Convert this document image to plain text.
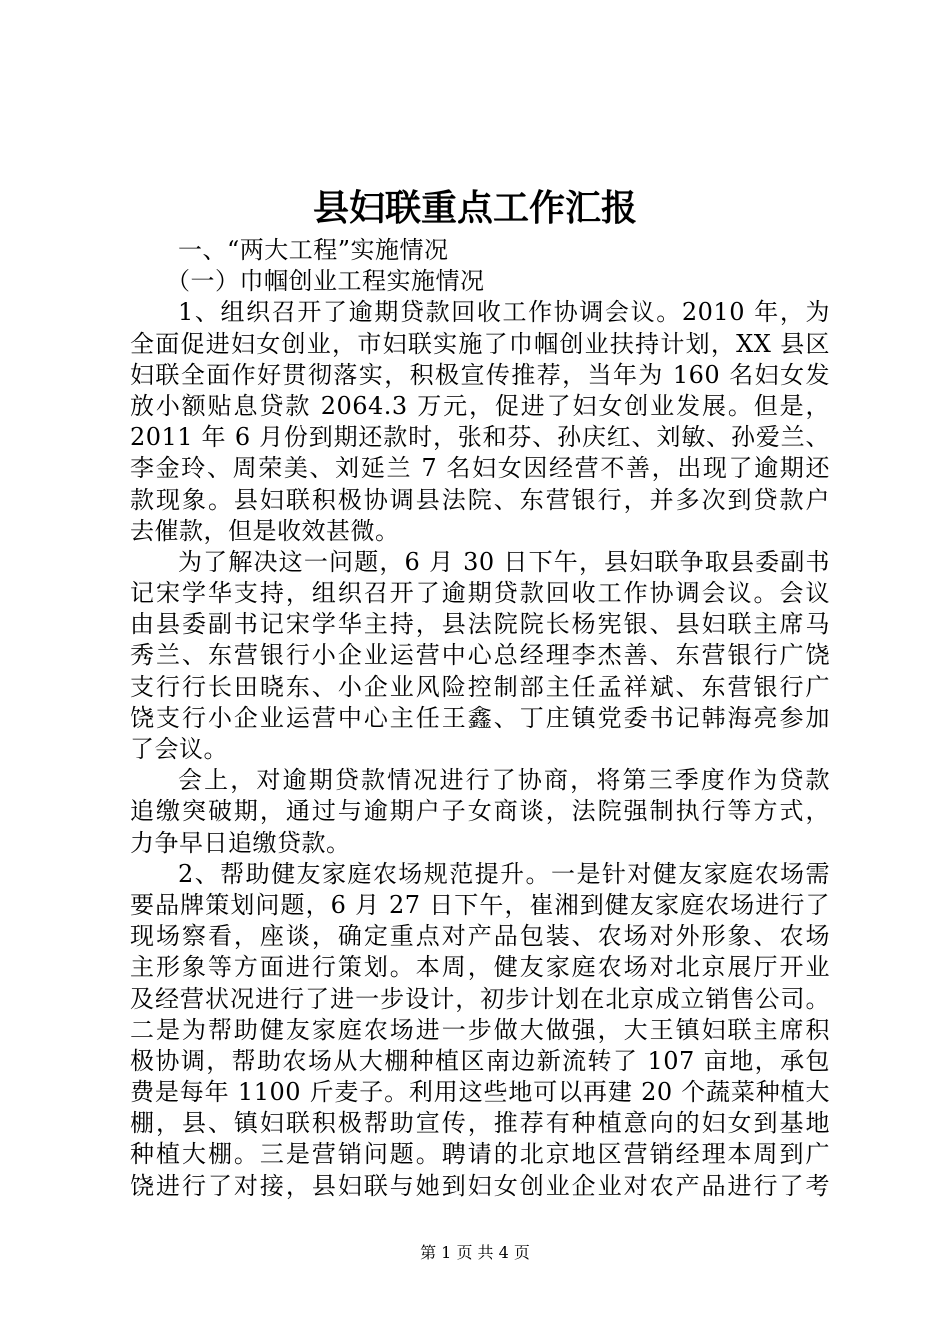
县妇联重点工作汇报
一、“两大工程”实施情况
（一）巾帼创业工程实施情况
1、组织召开了逾期贷款回收工作协调会议。2010 年，为
全面促进妇女创业，市妇联实施了巾帼创业扶持计划，XX 县区
妇联全面作好贯彻落实，积极宣传推荐，当年为 160 名妇女发
放小额贴息贷款 2064.3 万元，促进了妇女创业发展。但是，
2011 年 6 月份到期还款时，张和芬、孙庆红、刘敏、孙爱兰、
李金玲、周荣美、刘延兰 7 名妇女因经营不善，出现了逾期还
款现象。县妇联积极协调县法院、东营银行，并多次到贷款户
去催款，但是收效甚微。
为了解决这一问题，6 月 30 日下午，县妇联争取县委副书
记宋学华支持，组织召开了逾期贷款回收工作协调会议。会议
由县委副书记宋学华主持，县法院院长杨宪银、县妇联主席马
秀兰、东营银行小企业运营中心总经理李杰善、东营银行广饶
支行行长田晓东、小企业风险控制部主任孟祥斌、东营银行广
饶支行小企业运营中心主任王鑫、丁庄镇党委书记韩海亮参加
了会议。
会上，对逾期贷款情况进行了协商，将第三季度作为贷款
追缴突破期，通过与逾期户子女商谈，法院强制执行等方式，
力争早日追缴贷款。
2、帮助健友家庭农场规范提升。一是针对健友家庭农场需
要品牌策划问题，6 月 27 日下午，崔湘到健友家庭农场进行了
现场察看，座谈，确定重点对产品包装、农场对外形象、农场
主形象等方面进行策划。本周，健友家庭农场对北京展厅开业
及经营状况进行了进一步设计，初步计划在北京成立销售公司。
二是为帮助健友家庭农场进一步做大做强，大王镇妇联主席积
极协调，帮助农场从大棚种植区南边新流转了 107 亩地，承包
费是每年 1100 斤麦子。利用这些地可以再建 20 个蔬菜种植大
棚，县、镇妇联积极帮助宣传，推荐有种植意向的妇女到基地
种植大棚。三是营销问题。聘请的北京地区营销经理本周到广
饶进行了对接，县妇联与她到妇女创业企业对农产品进行了考
第 1 页 共 4 页
